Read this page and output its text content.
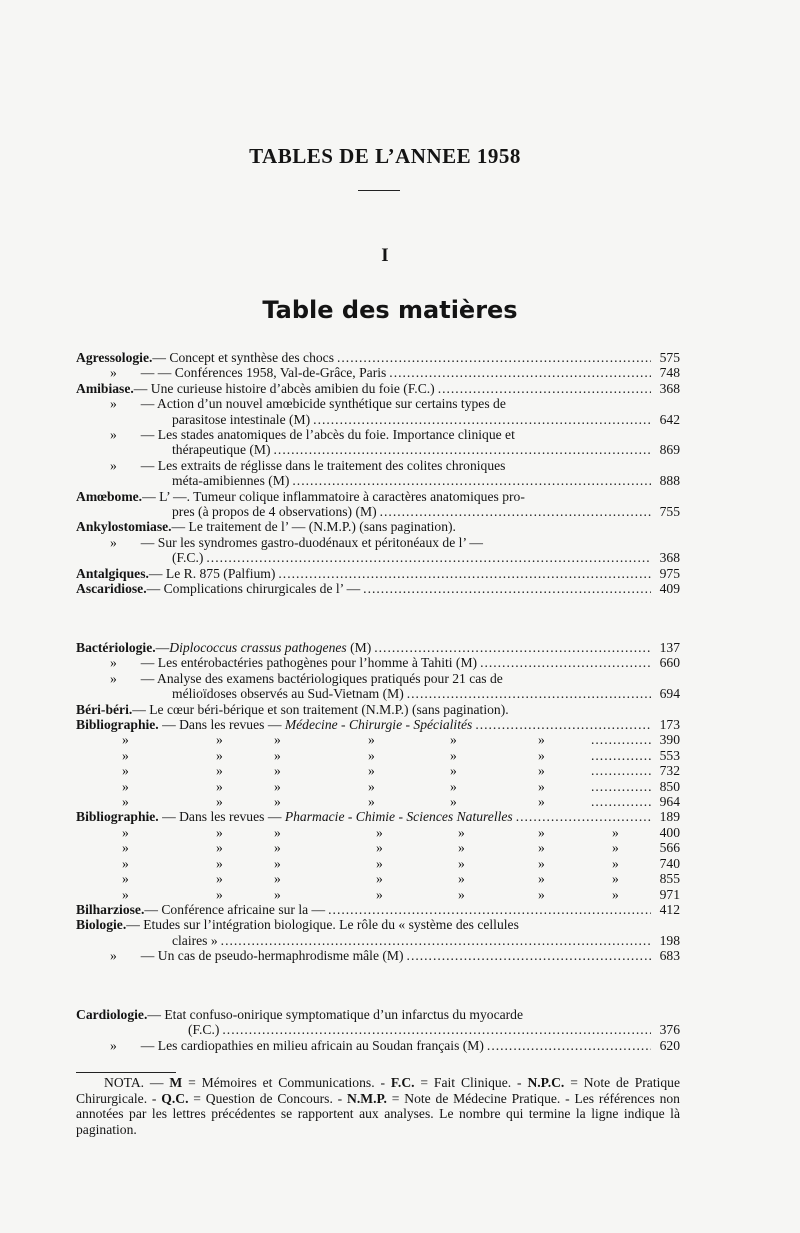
TABLES DE L’ANNEE 1958
I
Table des matières
Agressologie. — Concept et synthèse des chocs .....	575
»	— — Conférences 1958, Val-de-Grâce, Paris .....	748
Amibiase. — Une curieuse histoire d’abcès amibien du foie (F.C.) .....	368
»	— Action d’un nouvel amœbicide synthétique sur certains types de
parasitose intestinale (M) .....	642
»	— Les stades anatomiques de l’abcès du foie. Importance clinique et
thérapeutique (M) .....	869
»	— Les extraits de réglisse dans le traitement des colites chroniques
méta-amibiennes (M) .....	888
Amœbome. — L’ —. Tumeur colique inflammatoire à caractères anatomiques pro-
pres (à propos de 4 observations) (M) .....	755
Ankylostomiase. — Le traitement de l’ — (N.M.P.) (sans pagination).
»	— Sur les syndromes gastro-duodénaux et péritonéaux de l’ —
(F.C.) .....	368
Antalgiques. — Le R. 875 (Palfium) .....	975
Ascaridiose. — Complications chirurgicales de l’ — .....	409
Bactériologie. — Diplococcus crassus pathogenes (M) .....	137
»	— Les entérobactéries pathogènes pour l’homme à Tahiti (M) .....	660
»	— Analyse des examens bactériologiques pratiqués pour 21 cas de
mélioïdoses observés au Sud-Vietnam (M) .....	694
Béri-béri. — Le cœur béri-bérique et son traitement (N.M.P.) (sans pagination).
Bibliographie. — Dans les revues — Médecine - Chirurgie - Spécialités .....	173
»	»	»	»	»	» .....	390
»	»	»	»	»	» .....	553
»	»	»	»	»	» .....	732
»	»	»	»	»	» .....	850
»	»	»	»	»	» .....	964
Bibliographie. — Dans les revues — Pharmacie - Chimie - Sciences Naturelles .....	189
»	»	»	»	»	»	»	400
»	»	»	»	»	»	»	566
»	»	»	»	»	»	»	740
»	»	»	»	»	»	»	855
»	»	»	»	»	»	»	971
Bilharziose. — Conférence africaine sur la — .....	412
Biologie. — Etudes sur l’intégration biologique. Le rôle du « système des cellules
claires » .....	198
»	— Un cas de pseudo-hermaphrodisme mâle (M) .....	683
Cardiologie. — Etat confuso-onirique symptomatique d’un infarctus du myocarde
(F.C.) .....	376
»	— Les cardiopathies en milieu africain au Soudan français (M) .....	620
NOTA. — M = Mémoires et Communications. - F.C. = Fait Clinique. - N.P.C. = Note de Pratique Chirurgicale. - Q.C. = Question de Concours. - N.M.P. = Note de Médecine Pratique. - Les références non annotées par les lettres précédentes se rapportent aux analyses. Le nombre qui termine la ligne indique là pagination.
